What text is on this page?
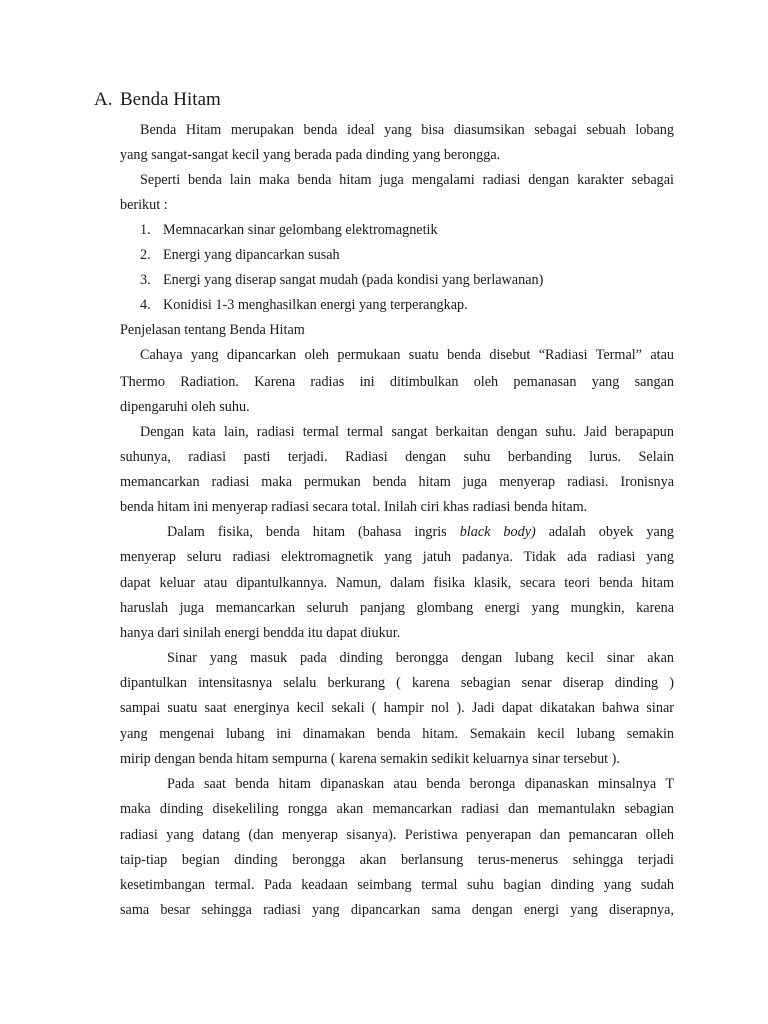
A. Benda Hitam
Benda Hitam merupakan benda ideal yang bisa diasumsikan sebagai sebuah lobang
yang sangat-sangat kecil yang berada pada dinding yang berongga.
Seperti benda lain maka benda hitam juga mengalami radiasi dengan karakter sebagai
berikut :
1. Memnacarkan sinar gelombang elektromagnetik
2. Energi yang dipancarkan susah
3. Energi yang diserap sangat mudah (pada kondisi yang berlawanan)
4. Konidisi 1-3 menghasilkan energi yang terperangkap.
Penjelasan tentang Benda Hitam
Cahaya yang dipancarkan oleh permukaan suatu benda disebut “Radiasi Termal” atau
Thermo Radiation. Karena radias ini ditimbulkan oleh pemanasan yang sangan
dipengaruhi oleh suhu.
Dengan kata lain, radiasi termal termal sangat berkaitan dengan suhu. Jaid berapapun
suhunya, radiasi pasti terjadi. Radiasi dengan suhu berbanding lurus. Selain
memancarkan radiasi maka permukan benda hitam juga menyerap radiasi. Ironisnya
benda hitam ini menyerap radiasi secara total. Inilah ciri khas radiasi benda hitam.
Dalam fisika, benda hitam (bahasa ingris black body) adalah obyek yang
menyerap seluru radiasi elektromagnetik yang jatuh padanya. Tidak ada radiasi yang
dapat keluar atau dipantulkannya. Namun, dalam fisika klasik, secara teori benda hitam
haruslah juga memancarkan seluruh panjang glombang energi yang mungkin, karena
hanya dari sinilah energi bendda itu dapat diukur.
Sinar yang masuk pada dinding berongga dengan lubang kecil sinar akan
dipantulkan intensitasnya selalu berkurang ( karena sebagian senar diserap dinding )
sampai suatu saat energinya kecil sekali ( hampir nol ). Jadi dapat dikatakan bahwa sinar
yang mengenai lubang ini dinamakan benda hitam. Semakain kecil lubang semakin
mirip dengan benda hitam sempurna ( karena semakin sedikit keluarnya sinar tersebut ).
Pada saat benda hitam dipanaskan atau benda beronga dipanaskan minsalnya T
maka dinding disekeliling rongga akan memancarkan radiasi dan memantulakn sebagian
radiasi yang datang (dan menyerap sisanya). Peristiwa penyerapan dan pemancaran olleh
taip-tiap begian dinding berongga akan berlansung terus-menerus sehingga terjadi
kesetimbangan termal. Pada keadaan seimbang termal suhu bagian dinding yang sudah
sama besar sehingga radiasi yang dipancarkan sama dengan energi yang diserapnya,
